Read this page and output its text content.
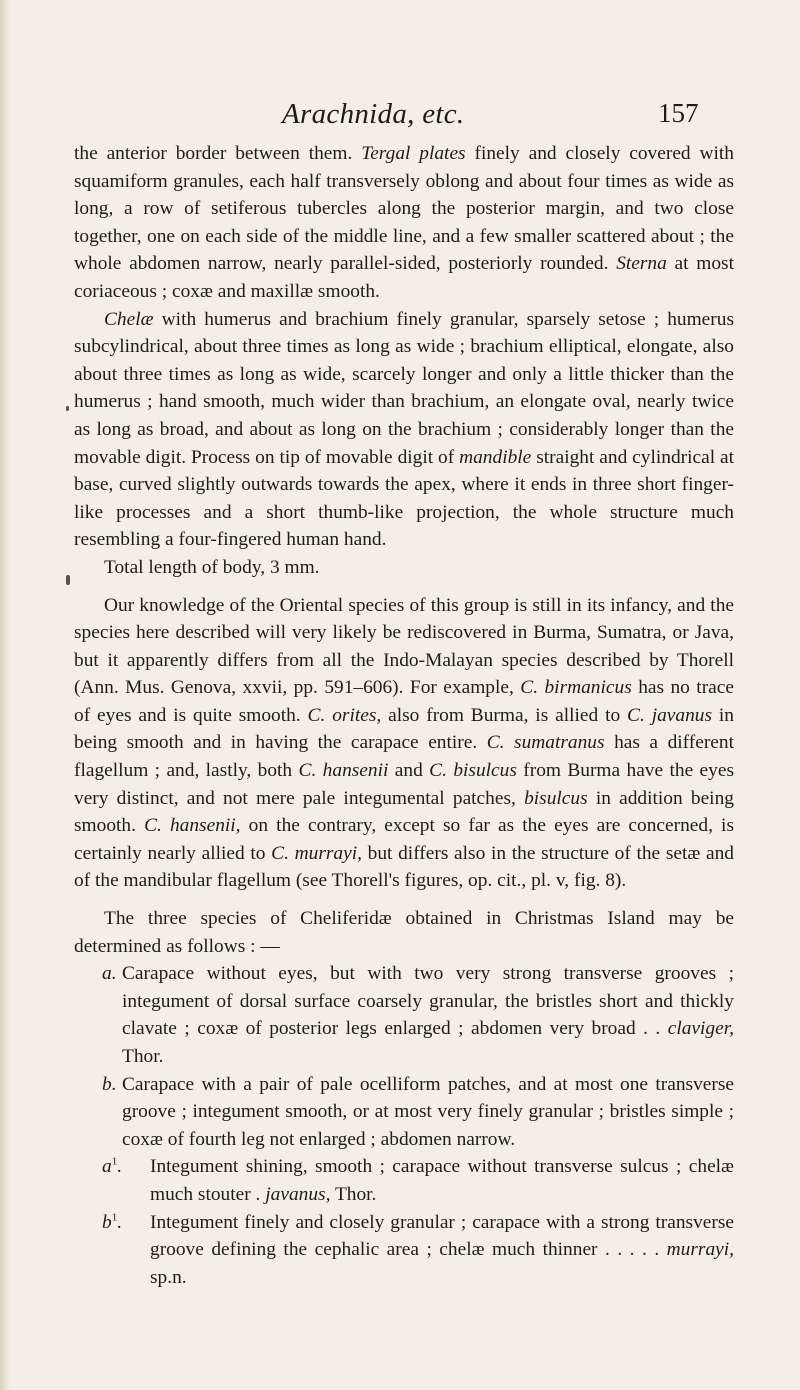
Arachnida, etc.	157

the anterior border between them. Tergal plates finely and closely covered with squamiform granules, each half transversely oblong and about four times as wide as long, a row of setiferous tubercles along the posterior margin, and two close together, one on each side of the middle line, and a few smaller scattered about ; the whole abdomen narrow, nearly parallel-sided, posteriorly rounded. Sterna at most coriaceous ; coxæ and maxillæ smooth.

Chelæ with humerus and brachium finely granular, sparsely setose ; humerus subcylindrical, about three times as long as wide ; brachium elliptical, elongate, also about three times as long as wide, scarcely longer and only a little thicker than the humerus ; hand smooth, much wider than brachium, an elongate oval, nearly twice as long as broad, and about as long on the brachium ; considerably longer than the movable digit. Process on tip of movable digit of mandible straight and cylindrical at base, curved slightly outwards towards the apex, where it ends in three short finger-like processes and a short thumb-like projection, the whole structure much resembling a four-fingered human hand.

Total length of body, 3 mm.

Our knowledge of the Oriental species of this group is still in its infancy, and the species here described will very likely be rediscovered in Burma, Sumatra, or Java, but it apparently differs from all the Indo-Malayan species described by Thorell (Ann. Mus. Genova, xxvii, pp. 591–606). For example, C. birmanicus has no trace of eyes and is quite smooth. C. orites, also from Burma, is allied to C. javanus in being smooth and in having the carapace entire. C. sumatranus has a different flagellum ; and, lastly, both C. hansenii and C. bisulcus from Burma have the eyes very distinct, and not mere pale integumental patches, bisulcus in addition being smooth. C. hansenii, on the contrary, except so far as the eyes are concerned, is certainly nearly allied to C. murrayi, but differs also in the structure of the setæ and of the mandibular flagellum (see Thorell's figures, op. cit., pl. v, fig. 8).

The three species of Cheliferidæ obtained in Christmas Island may be determined as follows : —

a. Carapace without eyes, but with two very strong transverse grooves ; integument of dorsal surface coarsely granular, the bristles short and thickly clavate ; coxæ of posterior legs enlarged ; abdomen very broad . . claviger, Thor.

b. Carapace with a pair of pale ocelliform patches, and at most one transverse groove ; integument smooth, or at most very finely granular ; bristles simple ; coxæ of fourth leg not enlarged ; abdomen narrow.

$a^1$. Integument shining, smooth ; carapace without transverse sulcus ; chelæ much stouter . javanus, Thor.

$b^1$. Integument finely and closely granular ; carapace with a strong transverse groove defining the cephalic area ; chelæ much thinner . . . . . murrayi, sp.n.
